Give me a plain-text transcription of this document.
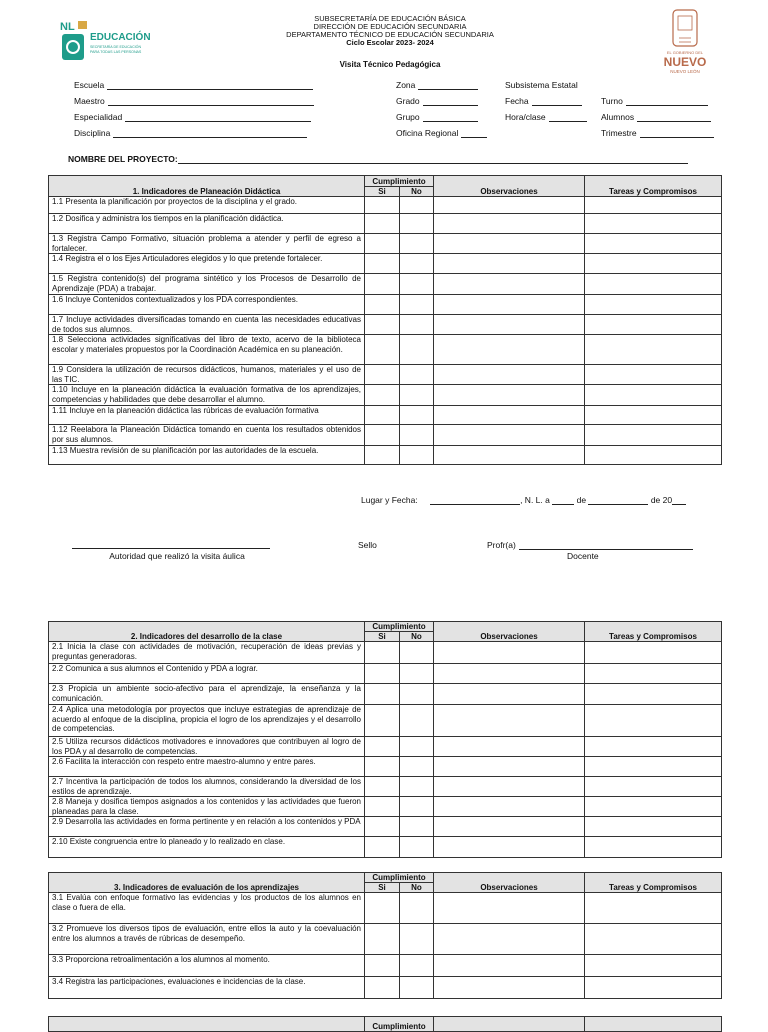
NL
EDUCACIÓN
SECRETARÍA DE EDUCACIÓN
PARA TODAS LAS PERSONAS
SUBSECRETARÍA DE EDUCACIÓN BÁSICA
DIRECCIÓN DE EDUCACIÓN SECUNDARIA
DEPARTAMENTO TÉCNICO DE EDUCACIÓN SECUNDARIA
Ciclo Escolar 2023- 2024
Visita Técnico Pedagógica
EL GOBIERNO DEL
NUEVO
NUEVO LEÓN
Escuela
Maestro
Especialidad
Disciplina
Zona
Grado
Grupo
Oficina Regional
Subsistema Estatal
Fecha
Hora/clase
Turno
Alumnos
Trimestre
NOMBRE DEL PROYECTO:
1. Indicadores de Planeación Didáctica	Cumplimiento		Observaciones	Tareas y Compromisos
	Si	No		
1.1 Presenta la planificación por proyectos de la disciplina y el grado.				
1.2 Dosifica y administra los tiempos en la planificación didáctica.				
1.3 Registra Campo Formativo, situación problema a atender y perfil de egreso a fortalecer.				
1.4 Registra el o los Ejes Articuladores elegidos y lo que pretende fortalecer.				
1.5 Registra contenido(s) del programa sintético y los Procesos de Desarrollo de Aprendizaje (PDA) a trabajar.				
1.6 Incluye Contenidos contextualizados y los PDA correspondientes.				
1.7 Incluye actividades diversificadas tomando en cuenta las necesidades educativas de todos sus alumnos.				
1.8 Selecciona actividades significativas del libro de texto, acervo de la biblioteca escolar y materiales propuestos por la Coordinación Académica en su planeación.				
1.9 Considera la utilización de recursos didácticos, humanos, materiales y el uso de las TIC.				
1.10 Incluye en la planeación didáctica la evaluación formativa de los aprendizajes, competencias y habilidades que debe desarrollar el alumno.				
1.11 Incluye en la planeación didáctica las rúbricas de evaluación formativa				
1.12 Reelabora la Planeación Didáctica tomando en cuenta los resultados obtenidos por sus alumnos.				
1.13 Muestra revisión de su planificación por las autoridades de la escuela.				
Lugar y Fecha:	, N. L. a	de	de 20
Autoridad que realizó la visita áulica
Sello	Profr(a)
Docente
2. Indicadores del desarrollo de la clase	Cumplimiento		Observaciones	Tareas y Compromisos
	Si	No		
2.1 Inicia la clase con actividades de motivación, recuperación de ideas previas y preguntas generadoras.				
2.2 Comunica a sus alumnos el Contenido y PDA a lograr.				
2.3 Propicia un ambiente socio-afectivo para el aprendizaje, la enseñanza y la comunicación.				
2.4 Aplica una metodología por proyectos que incluye estrategias de aprendizaje de acuerdo al enfoque de la disciplina, propicia el logro de los aprendizajes y el desarrollo de competencias.				
2.5 Utiliza recursos didácticos motivadores e innovadores que contribuyen al logro de los PDA y al desarrollo de competencias.				
2.6 Facilita la interacción con respeto entre maestro-alumno y entre pares.				
2.7 Incentiva la participación de todos los alumnos, considerando la diversidad de los estilos de aprendizaje.				
2.8 Maneja y dosifica tiempos asignados a los contenidos y las actividades que fueron planeadas para la clase.				
2.9 Desarrolla las actividades en forma pertinente y en relación a los contenidos y PDA				
2.10 Existe congruencia entre lo planeado y lo realizado en clase.				
3. Indicadores de evaluación de los aprendizajes	Cumplimiento		Observaciones	Tareas y Compromisos
	Si	No		
3.1 Evalúa con enfoque formativo las evidencias y los productos de los alumnos en clase o fuera de ella.				
3.2 Promueve los diversos tipos de evaluación, entre ellos la auto y la coevaluación entre los alumnos a través de rúbricas de desempeño.				
3.3 Proporciona retroalimentación a los alumnos al momento.				
3.4 Registra las participaciones, evaluaciones e incidencias de la clase.				
	Cumplimiento		
